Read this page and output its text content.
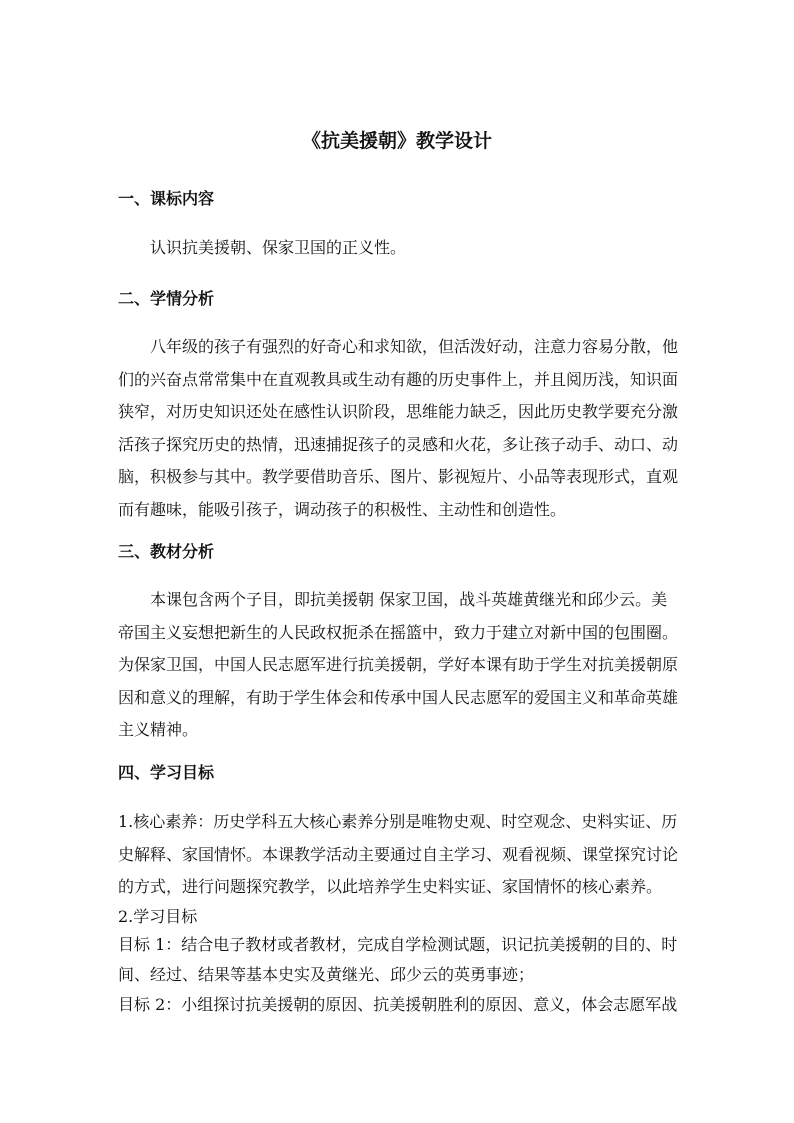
《抗美援朝》教学设计
一、课标内容

认识抗美援朝、保家卫国的正义性。

二、学情分析

八年级的孩子有强烈的好奇心和求知欲，但活泼好动，注意力容易分散，他
们的兴奋点常常集中在直观教具或生动有趣的历史事件上，并且阅历浅，知识面
狭窄，对历史知识还处在感性认识阶段，思维能力缺乏，因此历史教学要充分激
活孩子探究历史的热情，迅速捕捉孩子的灵感和火花，多让孩子动手、动口、动
脑，积极参与其中。教学要借助音乐、图片、影视短片、小品等表现形式，直观
而有趣味，能吸引孩子，调动孩子的积极性、主动性和创造性。

三、教材分析

本课包含两个子目，即抗美援朝 保家卫国，战斗英雄黄继光和邱少云。美
帝国主义妄想把新生的人民政权扼杀在摇篮中，致力于建立对新中国的包围圈。
为保家卫国，中国人民志愿军进行抗美援朝，学好本课有助于学生对抗美援朝原
因和意义的理解，有助于学生体会和传承中国人民志愿军的爱国主义和革命英雄
主义精神。

四、学习目标

1.核心素养：历史学科五大核心素养分别是唯物史观、时空观念、史料实证、历
史解释、家国情怀。本课教学活动主要通过自主学习、观看视频、课堂探究讨论
的方式，进行问题探究教学，以此培养学生史料实证、家国情怀的核心素养。
2.学习目标
目标 1：结合电子教材或者教材，完成自学检测试题，识记抗美援朝的目的、时
间、经过、结果等基本史实及黄继光、邱少云的英勇事迹；
目标 2：小组探讨抗美援朝的原因、抗美援朝胜利的原因、意义，体会志愿军战
